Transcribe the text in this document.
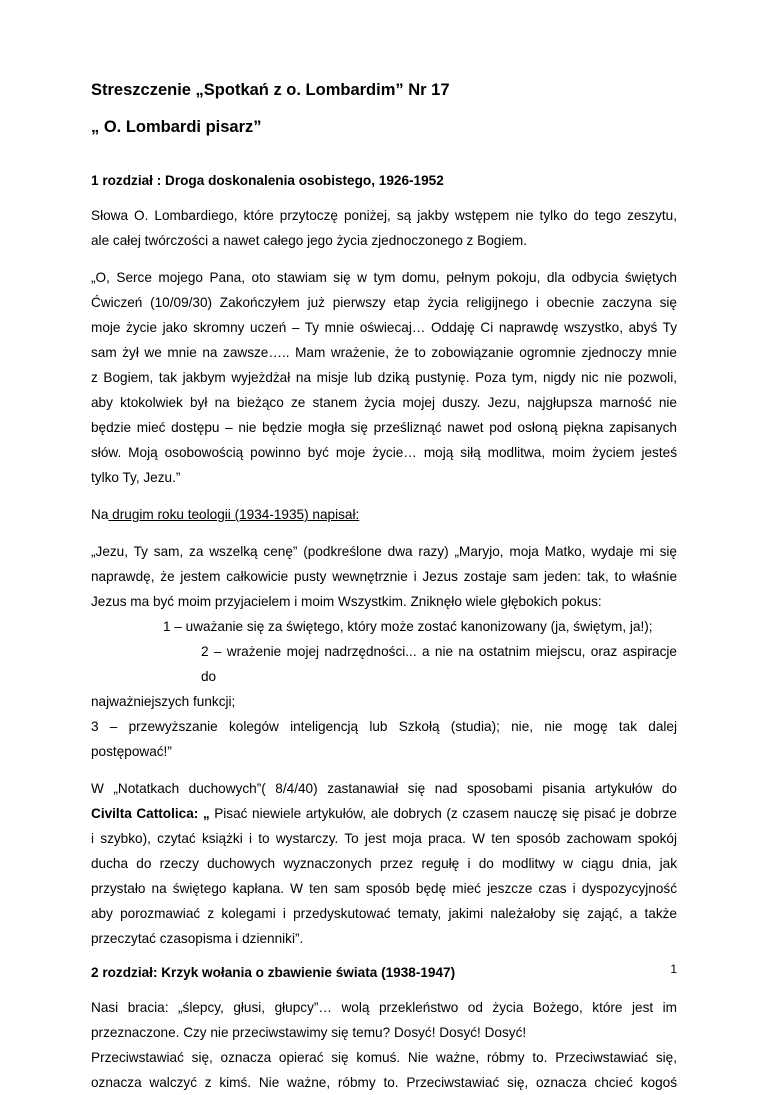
Streszczenie „Spotkań z o. Lombardim” Nr 17
„ O. Lombardi pisarz”
1 rozdział : Droga doskonalenia osobistego, 1926-1952

Słowa O. Lombardiego, które przytoczę poniżej, są jakby wstępem nie tylko do tego zeszytu,
ale całej twórczości a nawet całego jego życia zjednoczonego z Bogiem.

„O, Serce mojego Pana, oto stawiam się w tym domu, pełnym pokoju, dla odbycia świętych
Ćwiczeń (10/09/30) Zakończyłem już pierwszy etap życia religijnego i obecnie zaczyna się
moje życie jako skromny uczeń – Ty mnie oświecaj… Oddaję Ci naprawdę wszystko, abyś Ty
sam żył we mnie na zawsze….. Mam wrażenie, że to zobowiązanie ogromnie zjednoczy mnie
z Bogiem, tak jakbym wyjeżdżał na misje lub dziką pustynię. Poza tym, nigdy nic nie pozwoli,
aby ktokolwiek był na bieżąco ze stanem życia mojej duszy. Jezu, najgłupsza marność nie
będzie mieć dostępu – nie będzie mogła się prześliznąć nawet pod osłoną piękna zapisanych
słów. Moją osobowością powinno być moje życie… moją siłą modlitwa, moim życiem jesteś
tylko Ty, Jezu.”

Na drugim roku teologii (1934-1935) napisał:

„Jezu, Ty sam, za wszelką cenę” (podkreślone dwa razy) „Maryjo, moja Matko, wydaje mi się
naprawdę, że jestem całkowicie pusty wewnętrznie i Jezus zostaje sam jeden: tak, to właśnie
Jezus ma być moim przyjacielem i moim Wszystkim. Zniknęło wiele głębokich pokus:
1 – uważanie się za świętego, który może zostać kanonizowany (ja, świętym, ja!);
2 – wrażenie mojej nadrzędności... a nie na ostatnim miejscu, oraz aspiracje do
najważniejszych funkcji;
3 – przewyższanie kolegów inteligencją lub Szkołą (studia); nie, nie mogę tak dalej
postępować!”

W „Notatkach duchowych”( 8/4/40) zastanawiał się nad sposobami pisania artykułów do
Civilta Cattolica: „ Pisać niewiele artykułów, ale dobrych (z czasem nauczę się pisać je dobrze
i szybko), czytać książki i to wystarczy. To jest moja praca. W ten sposób zachowam spokój
ducha do rzeczy duchowych wyznaczonych przez regułę i do modlitwy w ciągu dnia, jak
przystało na świętego kapłana. W ten sam sposób będę mieć jeszcze czas i dyspozycyjność
aby porozmawiać z kolegami i przedyskutować tematy, jakimi należałoby się zająć, a także
przeczytać czasopisma i dzienniki”.

2 rozdział: Krzyk wołania o zbawienie świata (1938-1947)

Nasi bracia: „ślepcy, głusi, głupcy”… wolą przekleństwo od życia Bożego, które jest im
przeznaczone. Czy nie przeciwstawimy się temu? Dosyć! Dosyć! Dosyć!
Przeciwstawiać się, oznacza opierać się komuś. Nie ważne, róbmy to. Przeciwstawiać się,
oznacza walczyć z kimś. Nie ważne, róbmy to. Przeciwstawiać się, oznacza chcieć kogoś

1
